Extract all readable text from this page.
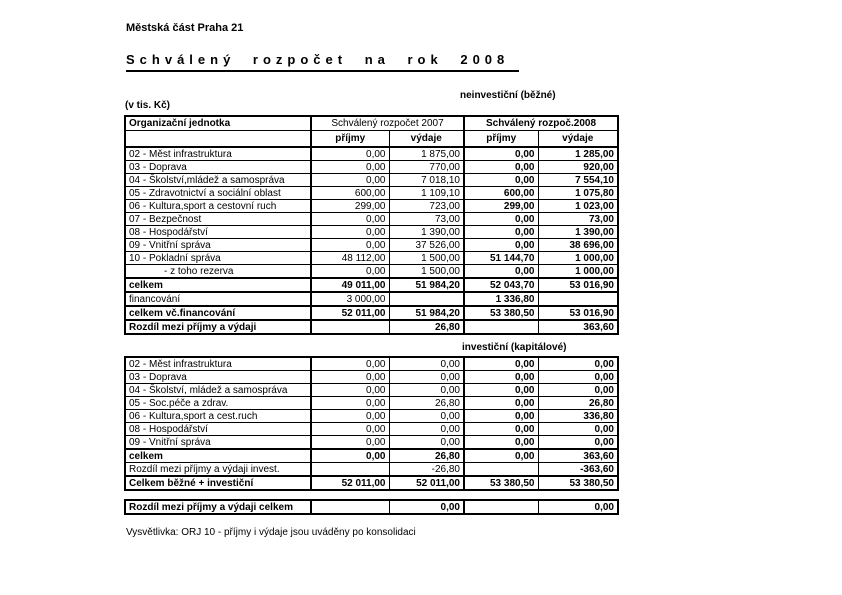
Městská část Praha 21
Schválený rozpočet na rok 2008
neinvestiční (běžné)
(v tis. Kč)
Organizační jednotka	Schválený rozpočet 2007		Schválený rozpoč.2008	
	příjmy	výdaje	příjmy	výdaje
02 - Měst infrastruktura	0,00	1 875,00	0,00	1 285,00
03 - Doprava	0,00	770,00	0,00	920,00
04 - Školství,mládež a samospráva	0,00	7 018,10	0,00	7 554,10
05 - Zdravotnictví a sociální oblast	600,00	1 109,10	600,00	1 075,80
06 - Kultura,sport a cestovní ruch	299,00	723,00	299,00	1 023,00
07 - Bezpečnost	0,00	73,00	0,00	73,00
08 - Hospodářství	0,00	1 390,00	0,00	1 390,00
09 - Vnitřní správa	0,00	37 526,00	0,00	38 696,00
10 - Pokladní správa	48 112,00	1 500,00	51 144,70	1 000,00
- z toho rezerva	0,00	1 500,00	0,00	1 000,00
celkem	49 011,00	51 984,20	52 043,70	53 016,90
financování	3 000,00		1 336,80	
celkem vč.financování	52 011,00	51 984,20	53 380,50	53 016,90
Rozdíl mezi příjmy a výdaji		26,80		363,60
investiční (kapitálové)
02 - Měst infrastruktura	0,00	0,00	0,00	0,00
03 - Doprava	0,00	0,00	0,00	0,00
04 - Školství, mládež a samospráva	0,00	0,00	0,00	0,00
05 - Soc.péče a zdrav.	0,00	26,80	0,00	26,80
06 - Kultura,sport a cest.ruch	0,00	0,00	0,00	336,80
08 - Hospodářství	0,00	0,00	0,00	0,00
09 - Vnitřní správa	0,00	0,00	0,00	0,00
celkem	0,00	26,80	0,00	363,60
Rozdíl mezi příjmy a výdaji invest.		-26,80		-363,60
Celkem běžné + investiční	52 011,00	52 011,00	53 380,50	53 380,50
Rozdíl mezi příjmy a výdaji celkem		0,00		0,00
Vysvětlivka: ORJ 10 - příjmy i výdaje jsou uváděny po konsolidaci
